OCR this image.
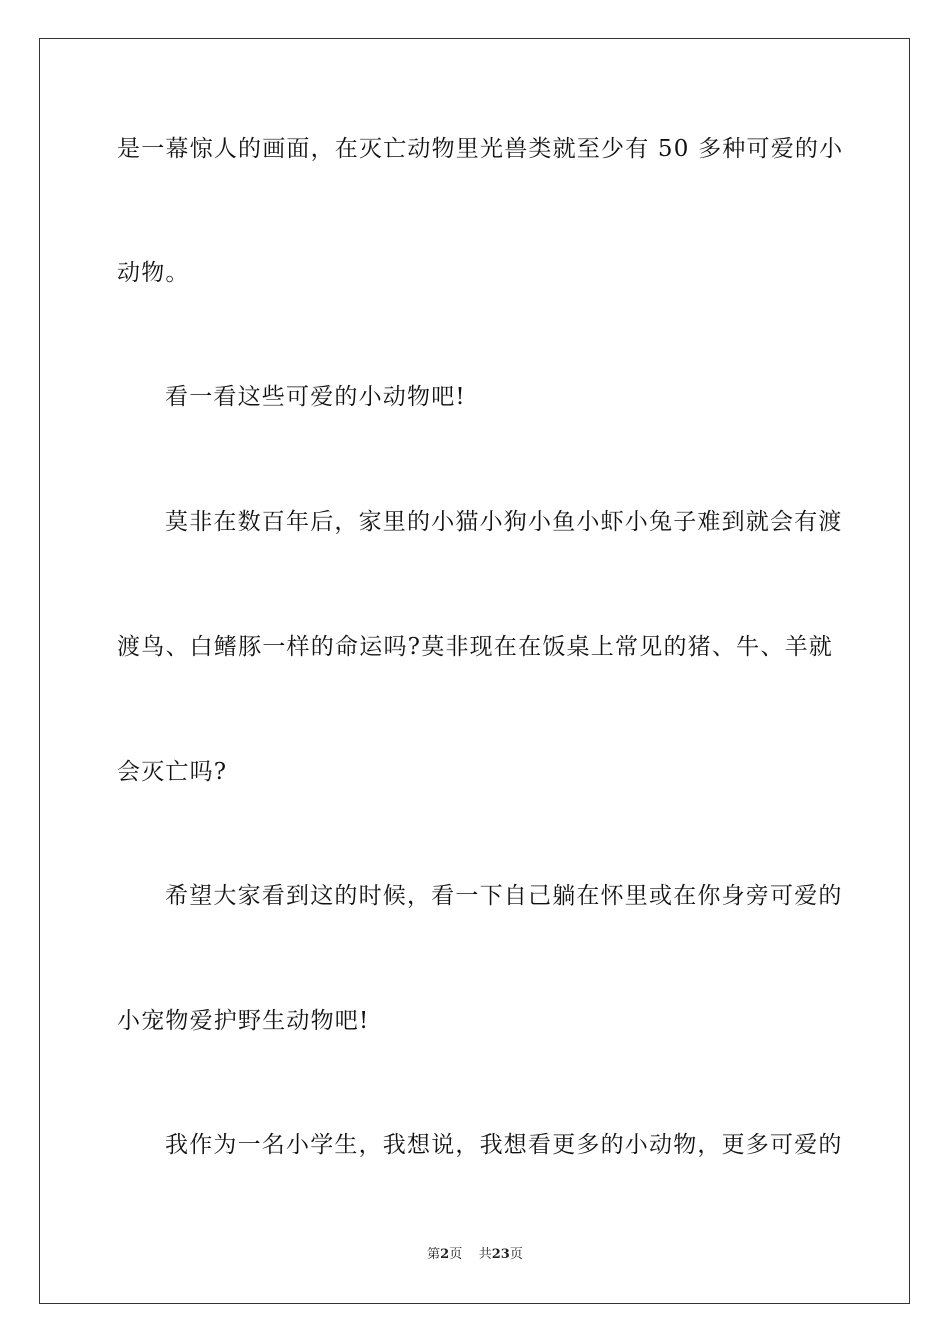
是一幕惊人的画面，在灭亡动物里光兽类就至少有 50 多种可爱的小
动物。
看一看这些可爱的小动物吧!
莫非在数百年后，家里的小猫小狗小鱼小虾小兔子难到就会有渡
渡鸟、白鳍豚一样的命运吗?莫非现在在饭桌上常见的猪、牛、羊就
会灭亡吗?
希望大家看到这的时候，看一下自己躺在怀里或在你身旁可爱的
小宠物爱护野生动物吧!
我作为一名小学生，我想说，我想看更多的小动物，更多可爱的
第2页 共23页
